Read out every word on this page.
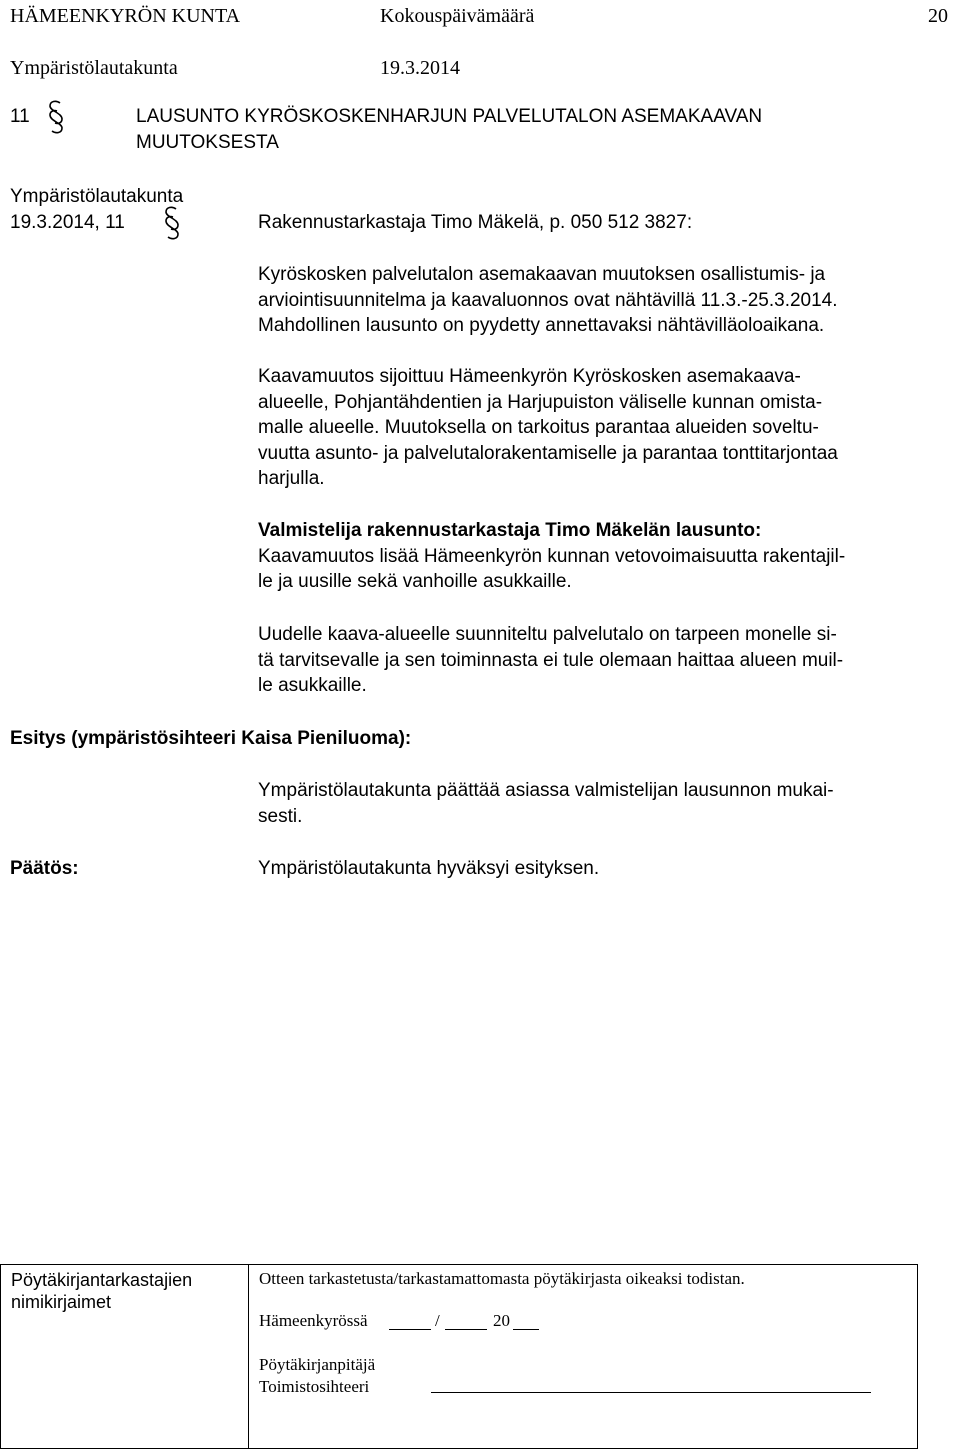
HÄMEENKYRÖN KUNTA	Kokouspäivämäärä	20
Ympäristölautakunta	19.3.2014
11	LAUSUNTO KYRÖSKOSKENHARJUN PALVELUTALON ASEMAKAAVAN
MUUTOKSESTA
Ympäristölautakunta
19.3.2014, 11	Rakennustarkastaja Timo Mäkelä, p. 050 512 3827:
Kyröskosken palvelutalon asemakaavan muutoksen osallistumis- ja
arviointisuunnitelma ja kaavaluonnos ovat nähtävillä 11.3.-25.3.2014.
Mahdollinen lausunto on pyydetty annettavaksi nähtävilläoloaikana.
Kaavamuutos sijoittuu Hämeenkyrön Kyröskosken asemakaava-
alueelle, Pohjantähdentien ja Harjupuiston väliselle kunnan omista-
malle alueelle. Muutoksella on tarkoitus parantaa alueiden soveltu-
vuutta asunto- ja palvelutalorakentamiselle ja parantaa tonttitarjontaa
harjulla.
Valmistelija rakennustarkastaja Timo Mäkelän lausunto:
Kaavamuutos lisää Hämeenkyrön kunnan vetovoimaisuutta rakentajil-
le ja uusille sekä vanhoille asukkaille.
Uudelle kaava-alueelle suunniteltu palvelutalo on tarpeen monelle si-
tä tarvitsevalle ja sen toiminnasta ei tule olemaan haittaa alueen muil-
le asukkaille.
Esitys (ympäristösihteeri Kaisa Pieniluoma):
Ympäristölautakunta päättää asiassa valmistelijan lausunnon mukai-
sesti.
Päätös:	Ympäristölautakunta hyväksyi esityksen.
Pöytäkirjantarkastajien
nimikirjaimet
Otteen tarkastetusta/tarkastamattomasta pöytäkirjasta oikeaksi todistan.
Hämeenkyrössä	/	20
Pöytäkirjanpitäjä
Toimistosihteeri
